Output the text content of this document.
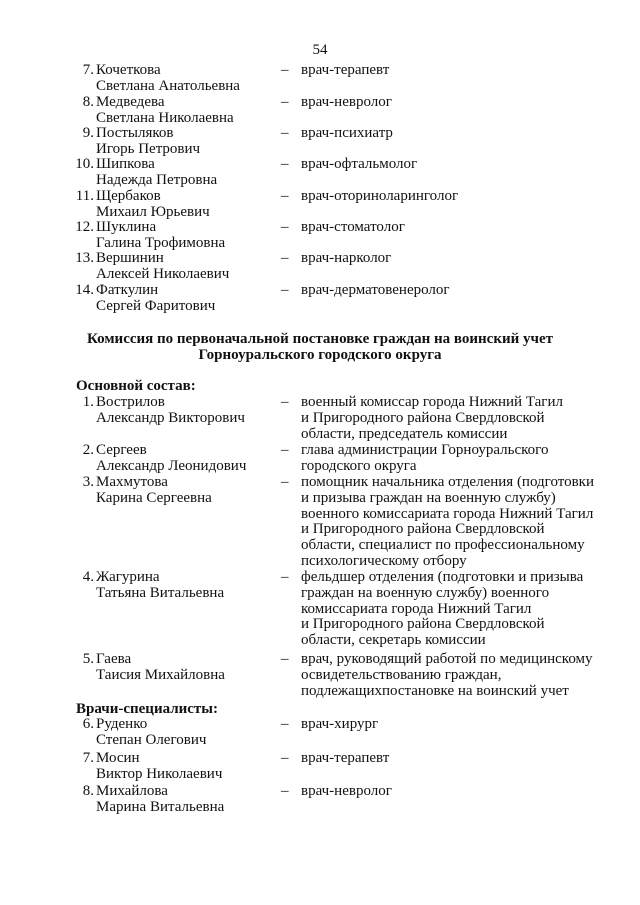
54
7. Кочеткова
Светлана Анатольевна
– врач-терапевт
8. Медведева
Светлана Николаевна
– врач-невролог
9. Постыляков
Игорь Петрович
– врач-психиатр
10. Шипкова
Надежда Петровна
– врач-офтальмолог
11. Щербаков
Михаил Юрьевич
– врач-оториноларинголог
12. Шуклина
Галина Трофимовна
– врач-стоматолог
13. Вершинин
Алексей Николаевич
– врач-нарколог
14. Фаткулин
Сергей Фаритович
– врач-дерматовенеролог
Комиссия по первоначальной постановке граждан на воинский учет
Горноуральского городского округа
Основной состав:
1. Вострилов
Александр Викторович
– военный комиссар города Нижний Тагил
и Пригородного района Свердловской
области, председатель комиссии
2. Сергеев
Александр Леонидович
– глава администрации Горноуральского
городского округа
3. Махмутова
Карина Сергеевна
– помощник начальника отделения (подготовки
и призыва граждан на военную службу)
военного комиссариата города Нижний Тагил
и Пригородного района Свердловской
области, специалист по профессиональному
психологическому отбору
4. Жагурина
Татьяна Витальевна
– фельдшер отделения (подготовки и призыва
граждан на военную службу) военного
комиссариата города Нижний Тагил
и Пригородного района Свердловской
области, секретарь комиссии
5. Гаева
Таисия Михайловна
– врач, руководящий работой по медицинскому
освидетельствованию граждан,
подлежащихпостановке на воинский учет
Врачи-специалисты:
6. Руденко
Степан Олегович
– врач-хирург
7. Мосин
Виктор Николаевич
– врач-терапевт
8. Михайлова
Марина Витальевна
– врач-невролог
